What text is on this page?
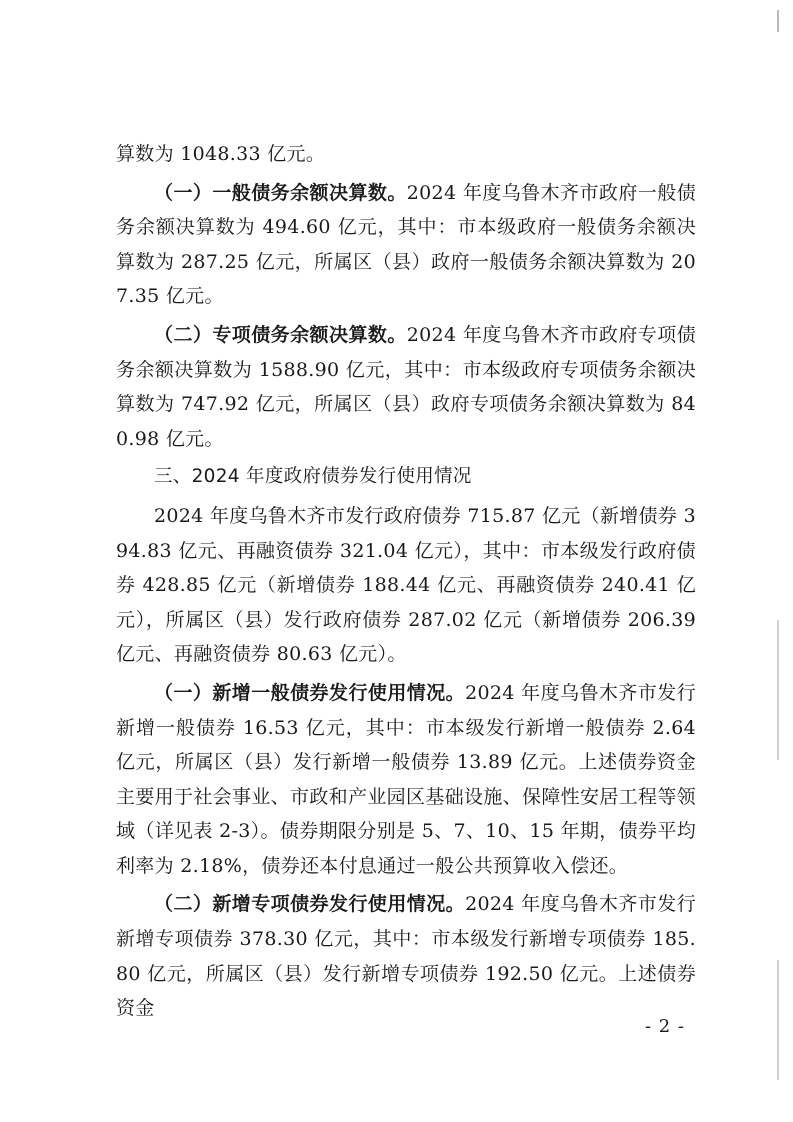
算数为 1048.33 亿元。

（一）一般债务余额决算数。2024 年度乌鲁木齐市政府一般债务余额决算数为 494.60 亿元，其中：市本级政府一般债务余额决算数为 287.25 亿元，所属区（县）政府一般债务余额决算数为 207.35 亿元。

（二）专项债务余额决算数。2024 年度乌鲁木齐市政府专项债务余额决算数为 1588.90 亿元，其中：市本级政府专项债务余额决算数为 747.92 亿元，所属区（县）政府专项债务余额决算数为 840.98 亿元。

三、2024 年度政府债券发行使用情况

2024 年度乌鲁木齐市发行政府债券 715.87 亿元（新增债券 394.83 亿元、再融资债券 321.04 亿元），其中：市本级发行政府债券 428.85 亿元（新增债券 188.44 亿元、再融资债券 240.41 亿元），所属区（县）发行政府债券 287.02 亿元（新增债券 206.39 亿元、再融资债券 80.63 亿元）。

（一）新增一般债券发行使用情况。2024 年度乌鲁木齐市发行新增一般债券 16.53 亿元，其中：市本级发行新增一般债券 2.64 亿元，所属区（县）发行新增一般债券 13.89 亿元。上述债券资金主要用于社会事业、市政和产业园区基础设施、保障性安居工程等领域（详见表 2-3）。债券期限分别是 5、7、10、15 年期，债券平均利率为 2.18%，债券还本付息通过一般公共预算收入偿还。

（二）新增专项债券发行使用情况。2024 年度乌鲁木齐市发行新增专项债券 378.30 亿元，其中：市本级发行新增专项债券 185.80 亿元，所属区（县）发行新增专项债券 192.50 亿元。上述债券资金

- 2 -
